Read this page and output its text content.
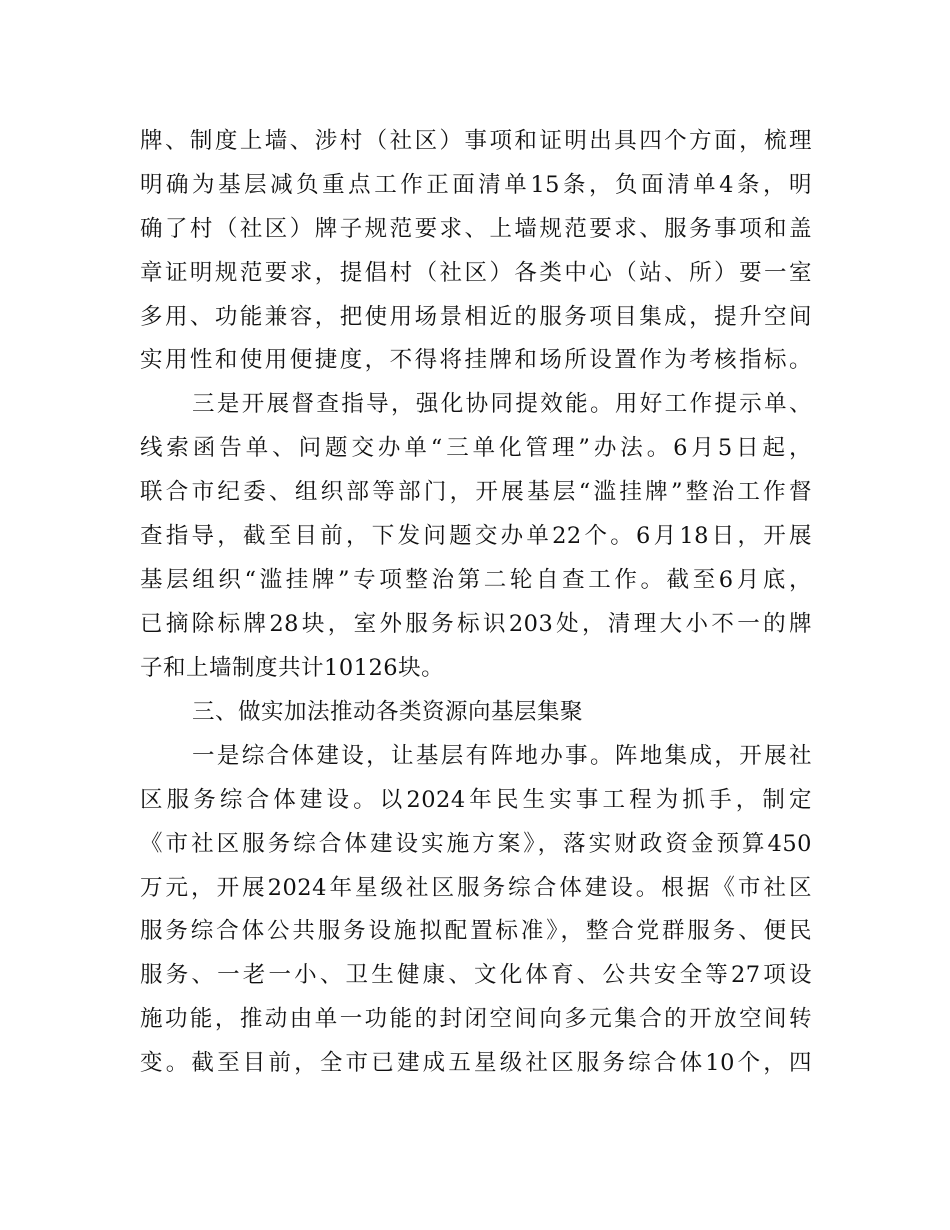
牌、制度上墙、涉村（社区）事项和证明出具四个方面，梳理
明确为基层减负重点工作正面清单15条，负面清单4条，明
确了村（社区）牌子规范要求、上墙规范要求、服务事项和盖
章证明规范要求，提倡村（社区）各类中心（站、所）要一室
多用、功能兼容，把使用场景相近的服务项目集成，提升空间
实用性和使用便捷度，不得将挂牌和场所设置作为考核指标。
三是开展督查指导，强化协同提效能。用好工作提示单、
线索函告单、问题交办单“三单化管理”办法。6月5日起，
联合市纪委、组织部等部门，开展基层“滥挂牌”整治工作督
查指导，截至目前，下发问题交办单22个。6月18日，开展
基层组织“滥挂牌”专项整治第二轮自查工作。截至6月底，
已摘除标牌28块，室外服务标识203处，清理大小不一的牌
子和上墙制度共计10126块。
三、做实加法推动各类资源向基层集聚
一是综合体建设，让基层有阵地办事。阵地集成，开展社
区服务综合体建设。以2024年民生实事工程为抓手，制定
《市社区服务综合体建设实施方案》，落实财政资金预算450
万元，开展2024年星级社区服务综合体建设。根据《市社区
服务综合体公共服务设施拟配置标准》，整合党群服务、便民
服务、一老一小、卫生健康、文化体育、公共安全等27项设
施功能，推动由单一功能的封闭空间向多元集合的开放空间转
变。截至目前，全市已建成五星级社区服务综合体10个，四
